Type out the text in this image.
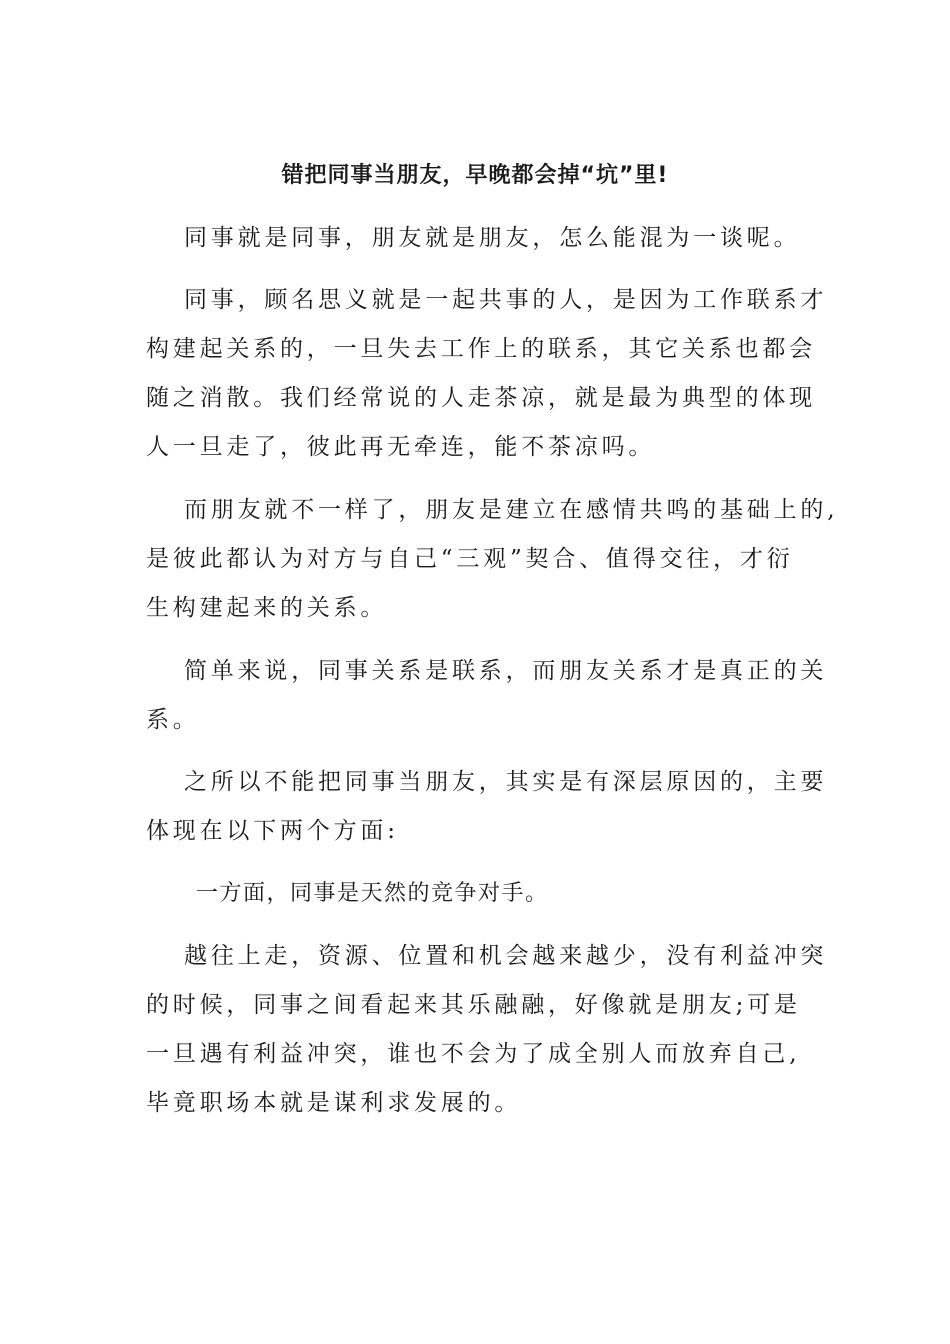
错把同事当朋友，早晚都会掉“坑”里!
同事就是同事，朋友就是朋友，怎么能混为一谈呢。
同事，顾名思义就是一起共事的人，是因为工作联系才
构建起关系的，一旦失去工作上的联系，其它关系也都会
随之消散。我们经常说的人走茶凉，就是最为典型的体现
人一旦走了，彼此再无牵连，能不茶凉吗。
而朋友就不一样了，朋友是建立在感情共鸣的基础上的,
是彼此都认为对方与自己“三观”契合、值得交往，才衍
生构建起来的关系。
简单来说，同事关系是联系，而朋友关系才是真正的关
系。
之所以不能把同事当朋友，其实是有深层原因的，主要
体现在以下两个方面:
一方面，同事是天然的竞争对手。
越往上走，资源、位置和机会越来越少，没有利益冲突
的时候，同事之间看起来其乐融融，好像就是朋友;可是
一旦遇有利益冲突，谁也不会为了成全别人而放弃自己,
毕竟职场本就是谋利求发展的。
